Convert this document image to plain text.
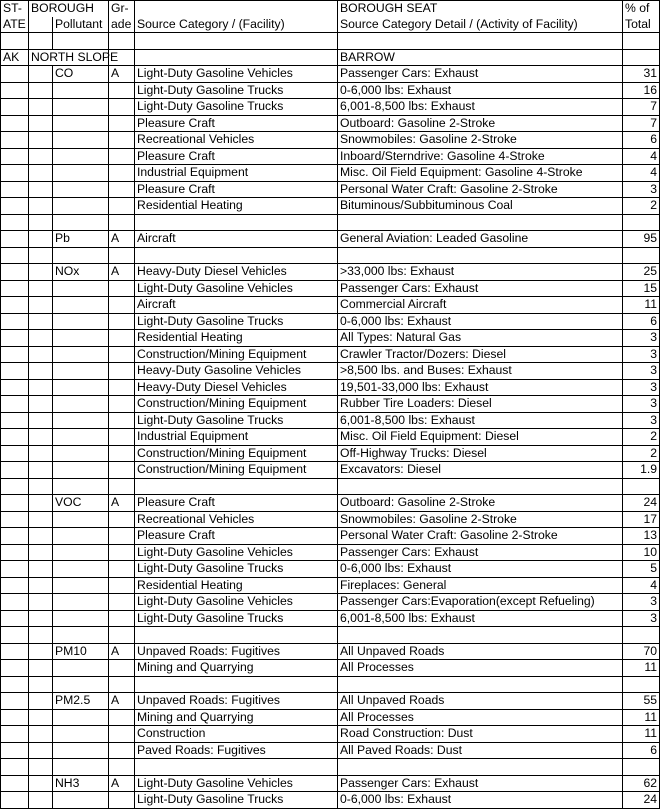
ST-	BOROUGH		Gr-		BOROUGH SEAT	% of
ATE		Pollutant	ade	Source Category / (Facility)	Source Category Detail / (Activity of Facility)	Total

AK	NORTH SLOPE				BARROW	
		CO	A	Light-Duty Gasoline Vehicles	Passenger Cars: Exhaust	31
				Light-Duty Gasoline Trucks	0-6,000 lbs: Exhaust	16
				Light-Duty Gasoline Trucks	6,001-8,500 lbs: Exhaust	7
				Pleasure Craft	Outboard: Gasoline 2-Stroke	7
				Recreational Vehicles	Snowmobiles: Gasoline 2-Stroke	6
				Pleasure Craft	Inboard/Sterndrive: Gasoline 4-Stroke	4
				Industrial Equipment	Misc. Oil Field Equipment: Gasoline 4-Stroke	4
				Pleasure Craft	Personal Water Craft: Gasoline 2-Stroke	3
				Residential Heating	Bituminous/Subbituminous Coal	2

		Pb	A	Aircraft	General Aviation: Leaded Gasoline	95

		NOx	A	Heavy-Duty Diesel Vehicles	>33,000 lbs: Exhaust	25
				Light-Duty Gasoline Vehicles	Passenger Cars: Exhaust	15
				Aircraft	Commercial Aircraft	11
				Light-Duty Gasoline Trucks	0-6,000 lbs: Exhaust	6
				Residential Heating	All Types: Natural Gas	3
				Construction/Mining Equipment	Crawler Tractor/Dozers: Diesel	3
				Heavy-Duty Gasoline Vehicles	>8,500 lbs. and Buses: Exhaust	3
				Heavy-Duty Diesel Vehicles	19,501-33,000 lbs: Exhaust	3
				Construction/Mining Equipment	Rubber Tire Loaders: Diesel	3
				Light-Duty Gasoline Trucks	6,001-8,500 lbs: Exhaust	3
				Industrial Equipment	Misc. Oil Field Equipment: Diesel	2
				Construction/Mining Equipment	Off-Highway Trucks: Diesel	2
				Construction/Mining Equipment	Excavators: Diesel	1.9

		VOC	A	Pleasure Craft	Outboard: Gasoline 2-Stroke	24
				Recreational Vehicles	Snowmobiles: Gasoline 2-Stroke	17
				Pleasure Craft	Personal Water Craft: Gasoline 2-Stroke	13
				Light-Duty Gasoline Vehicles	Passenger Cars: Exhaust	10
				Light-Duty Gasoline Trucks	0-6,000 lbs: Exhaust	5
				Residential Heating	Fireplaces: General	4
				Light-Duty Gasoline Vehicles	Passenger Cars:Evaporation(except Refueling)	3
				Light-Duty Gasoline Trucks	6,001-8,500 lbs: Exhaust	3

		PM10	A	Unpaved Roads: Fugitives	All Unpaved Roads	70
				Mining and Quarrying	All Processes	11

		PM2.5	A	Unpaved Roads: Fugitives	All Unpaved Roads	55
				Mining and Quarrying	All Processes	11
				Construction	Road Construction: Dust	11
				Paved Roads: Fugitives	All Paved Roads: Dust	6

		NH3	A	Light-Duty Gasoline Vehicles	Passenger Cars: Exhaust	62
				Light-Duty Gasoline Trucks	0-6,000 lbs: Exhaust	24
